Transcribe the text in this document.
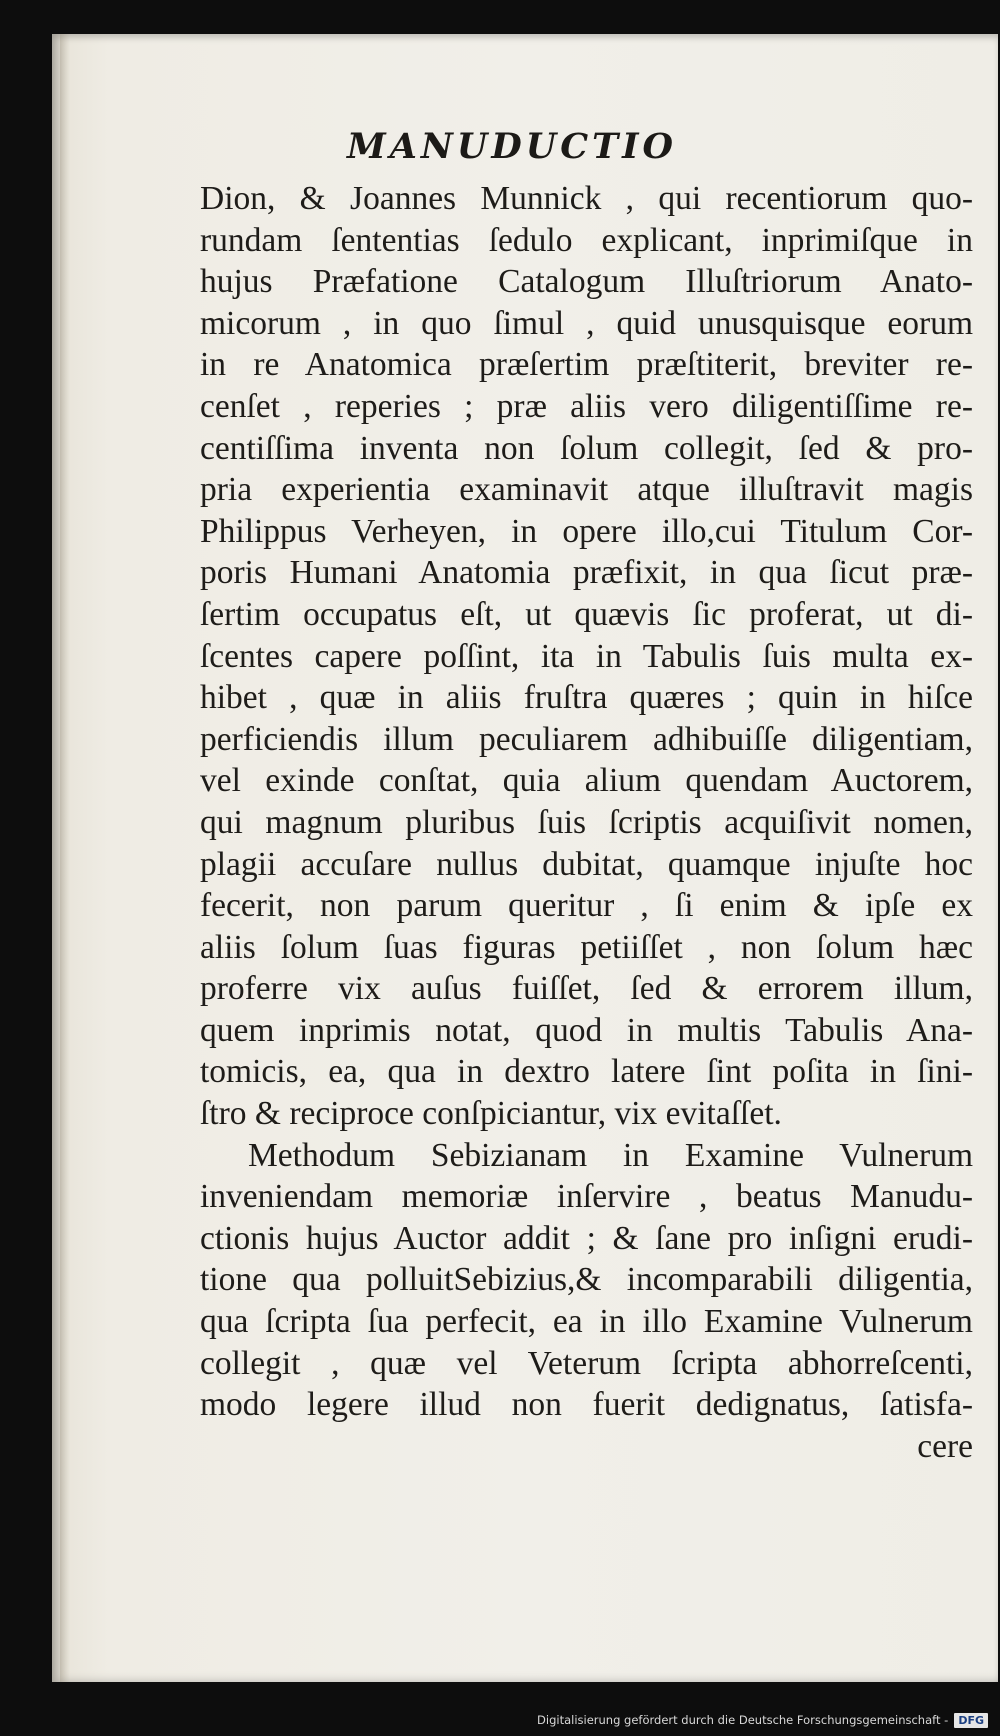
MANUDUCTIO
Dion, & Joannes Munnick , qui recentiorum quo-
rundam ſententias ſedulo explicant, inprimiſque in
hujus Præfatione Catalogum Illuſtriorum Anato-
micorum , in quo ſimul , quid unusquisque eorum
in re Anatomica præſertim præſtiterit, breviter re-
cenſet , reperies ; præ aliis vero diligentiſſime re-
centiſſima inventa non ſolum collegit, ſed & pro-
pria experientia examinavit atque illuſtravit magis
Philippus Verheyen, in opere illo,cui Titulum Cor-
poris Humani Anatomia præfixit, in qua ſicut præ-
ſertim occupatus eſt, ut quævis ſic proferat, ut di-
ſcentes capere poſſint, ita in Tabulis ſuis multa ex-
hibet , quæ in aliis fruſtra quæres ; quin in hiſce
perficiendis illum peculiarem adhibuiſſe diligentiam,
vel exinde conſtat, quia alium quendam Auctorem,
qui magnum pluribus ſuis ſcriptis acquiſivit nomen,
plagii accuſare nullus dubitat, quamque injuſte hoc
fecerit, non parum queritur , ſi enim & ipſe ex
aliis ſolum ſuas figuras petiiſſet , non ſolum hæc
proferre vix auſus fuiſſet, ſed & errorem illum,
quem inprimis notat, quod in multis Tabulis Ana-
tomicis, ea, qua in dextro latere ſint poſita in ſini-
ſtro & reciproce conſpiciantur, vix evitaſſet.
Methodum Sebizianam in Examine Vulnerum
inveniendam memoriæ inſervire , beatus Manudu-
ctionis hujus Auctor addit ; & ſane pro inſigni erudi-
tione qua polluitSebizius,& incomparabili diligentia,
qua ſcripta ſua perfecit, ea in illo Examine Vulnerum
collegit , quæ vel Veterum ſcripta abhorreſcenti,
modo legere illud non fuerit dedignatus, ſatisfa-
cere
Digitalisierung gefördert durch die Deutsche Forschungsgemeinschaft - DFG
